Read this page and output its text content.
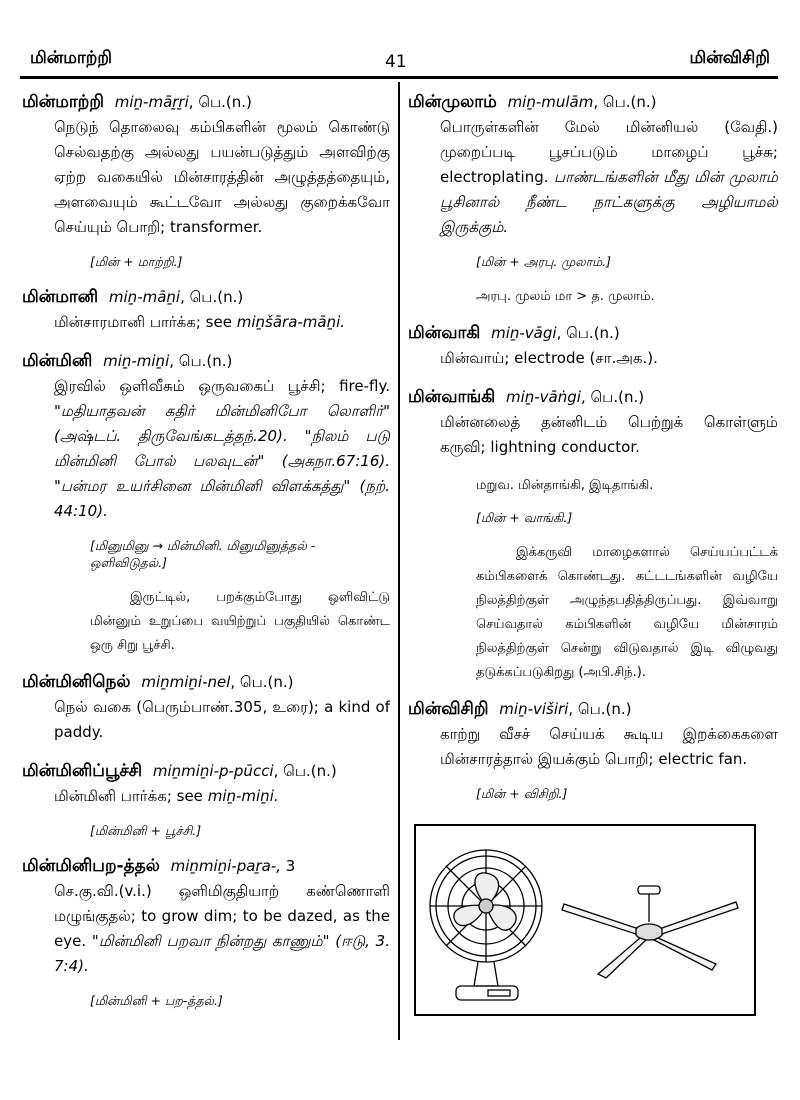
மின்மாற்றி	41	மின்விசிறி
மின்மாற்றி miṉ-māṟṟi, பெ.(n.)
நெடுந் தொலைவு கம்பிகளின் மூலம் கொண்டு செல்வதற்கு அல்லது பயன்படுத்தும் அளவிற்கு ஏற்ற வகையில் மின்சாரத்தின் அழுத்தத்தையும், அளவையும் கூட்டவோ அல்லது குறைக்கவோ செய்யும் பொறி; transformer.
[மின் + மாற்றி.]
மின்மானி miṉ-māṉi, பெ.(n.)
மின்சாரமானி பார்க்க; see miṉšāra-māṉi.
மின்மினி miṉ-miṉi, பெ.(n.)
இரவில் ஒளிவீசும் ஒருவகைப் பூச்சி; fire-fly. "மதியாதவன் கதிர் மின்மினிபோ லொளிர்" (அஷ்டப். திருவேங்கடத்தந்.20). "நிலம் படு மின்மினி போல் பலவுடன்" (அகநா.67:16). "பன்மர உயர்சினை மின்மினி விளக்கத்து" (நற். 44:10).
[மினுமினு → மின்மினி. மினுமினுத்தல் - ஒளிவிடுதல்.]
இருட்டில், பறக்கும்போது ஒளிவிட்டு மின்னும் உறுப்பை வயிற்றுப் பகுதியில் கொண்ட ஒரு சிறு பூச்சி.
மின்மினிநெல் miṉmiṉi-nel, பெ.(n.)
நெல் வகை (பெரும்பாண்.305, உரை); a kind of paddy.
மின்மினிப்பூச்சி miṉmiṉi-p-pūcci, பெ.(n.)
மின்மினி பார்க்க; see miṉ-miṉi.
[மின்மினி + பூச்சி.]
மின்மினிபற-த்தல் miṉmiṉi-paṟa-, 3
செ.கு.வி.(v.i.) ஒளிமிகுதியாற் கண்ணொளி மழுங்குதல்; to grow dim; to be dazed, as the eye. "மின்மினி பறவா நின்றது காணும்" (ஈடு, 3. 7:4).
[மின்மினி + பற-த்தல்.]
மின்முலாம் miṉ-mulām, பெ.(n.)
பொருள்களின் மேல் மின்னியல் (வேதி.) முறைப்படி பூசப்படும் மாழைப் பூச்சு; electroplating. பாண்டங்களின் மீது மின் முலாம் பூசினால் நீண்ட நாட்களுக்கு அழியாமல் இருக்கும்.
[மின் + அரபு. முலாம்.]
அரபு. முலம் மா > த. முலாம்.
மின்வாகி miṉ-vāgi, பெ.(n.)
மின்வாய்; electrode (சா.அக.).
மின்வாங்கி miṉ-vāṅgi, பெ.(n.)
மின்னலைத் தன்னிடம் பெற்றுக் கொள்ளும் கருவி; lightning conductor.
மறுவ. மின்தாங்கி, இடிதாங்கி.
[மின் + வாங்கி.]
இக்கருவி மாழைகளால் செய்யப்பட்டக் கம்பிகளைக் கொண்டது. கட்டடங்களின் வழியே நிலத்திற்குள் அழுந்தபதித்திருப்பது. இவ்வாறு செய்வதால் கம்பிகளின் வழியே மின்சாரம் நிலத்திற்குள் சென்று விடுவதால் இடி விழுவது தடுக்கப்படுகிறது (அபி.சிந்.).
மின்விசிறி miṉ-viširi, பெ.(n.)
காற்று வீசச் செய்யக் கூடிய இறக்கைகளை மின்சாரத்தால் இயக்கும் பொறி; electric fan.
[மின் + விசிறி.]
